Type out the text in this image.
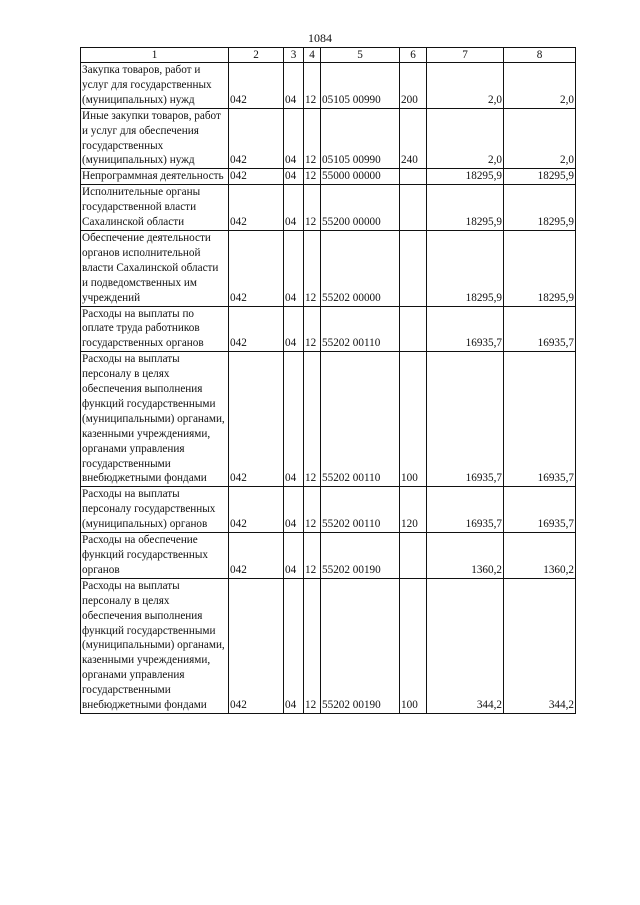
1084
1	2	3	4	5	6	7	8
Закупка товаров, работ и услуг для государственных (муниципальных) нужд	042	04	12	05105 00990	200	2,0	2,0
Иные закупки товаров, работ и услуг для обеспечения государственных (муниципальных) нужд	042	04	12	05105 00990	240	2,0	2,0
Непрограммная деятельность	042	04	12	55000 00000		18295,9	18295,9
Исполнительные органы государственной власти Сахалинской области	042	04	12	55200 00000		18295,9	18295,9
Обеспечение деятельности органов исполнительной власти Сахалинской области и подведомственных им учреждений	042	04	12	55202 00000		18295,9	18295,9
Расходы на выплаты по оплате труда работников государственных органов	042	04	12	55202 00110		16935,7	16935,7
Расходы на выплаты персоналу в целях обеспечения выполнения функций государственными (муниципальными) органами, казенными учреждениями, органами управления государственными внебюджетными фондами	042	04	12	55202 00110	100	16935,7	16935,7
Расходы на выплаты персоналу государственных (муниципальных) органов	042	04	12	55202 00110	120	16935,7	16935,7
Расходы на обеспечение функций государственных органов	042	04	12	55202 00190		1360,2	1360,2
Расходы на выплаты персоналу в целях обеспечения выполнения функций государственными (муниципальными) органами, казенными учреждениями, органами управления государственными внебюджетными фондами	042	04	12	55202 00190	100	344,2	344,2
